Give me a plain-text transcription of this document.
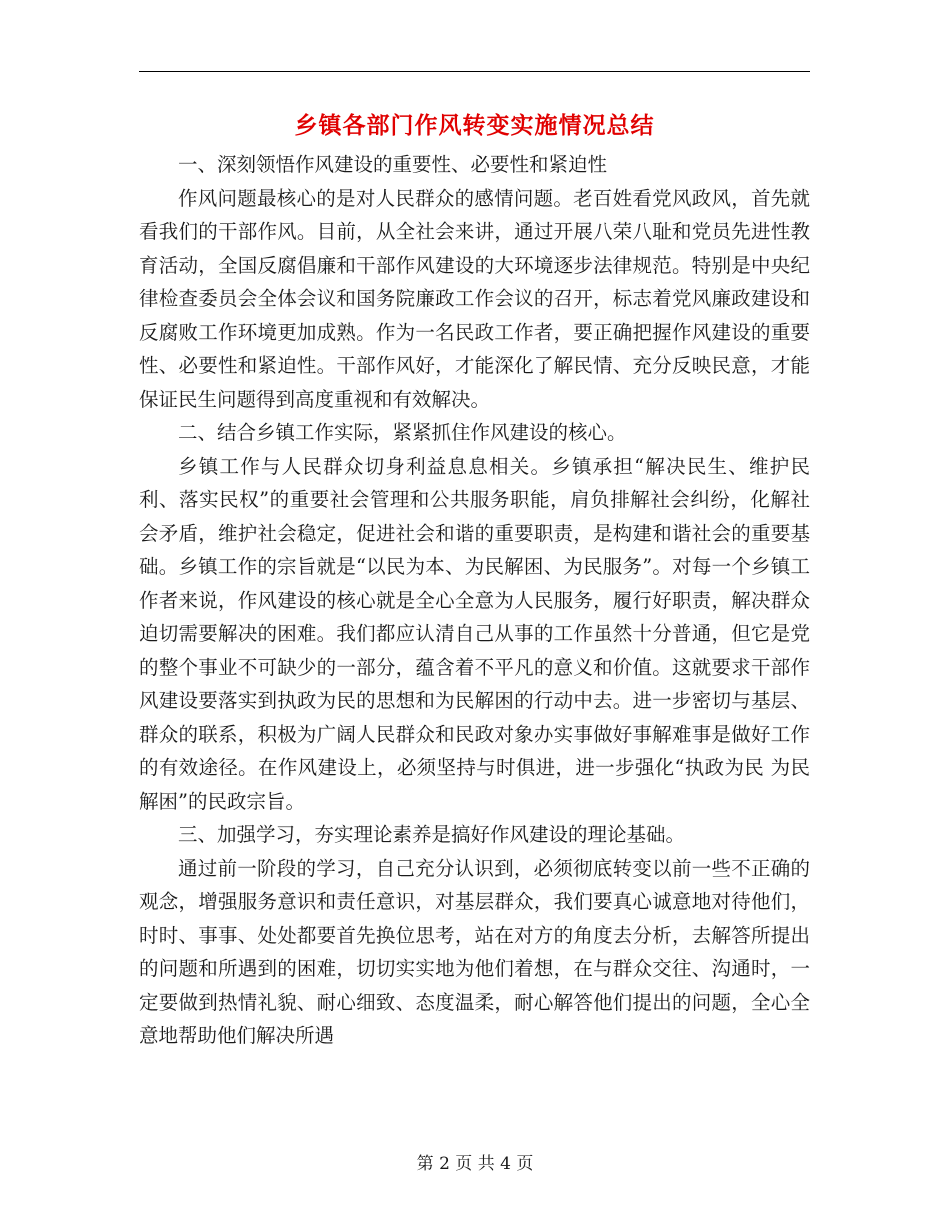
乡镇各部门作风转变实施情况总结

一、深刻领悟作风建设的重要性、必要性和紧迫性

作风问题最核心的是对人民群众的感情问题。老百姓看党风政风，首先就看我们的干部作风。目前，从全社会来讲，通过开展八荣八耻和党员先进性教育活动，全国反腐倡廉和干部作风建设的大环境逐步法律规范。特别是中央纪律检查委员会全体会议和国务院廉政工作会议的召开，标志着党风廉政建设和反腐败工作环境更加成熟。作为一名民政工作者，要正确把握作风建设的重要性、必要性和紧迫性。干部作风好，才能深化了解民情、充分反映民意，才能保证民生问题得到高度重视和有效解决。

二、结合乡镇工作实际，紧紧抓住作风建设的核心。

乡镇工作与人民群众切身利益息息相关。乡镇承担“解决民生、维护民利、落实民权”的重要社会管理和公共服务职能，肩负排解社会纠纷，化解社会矛盾，维护社会稳定，促进社会和谐的重要职责，是构建和谐社会的重要基础。乡镇工作的宗旨就是“以民为本、为民解困、为民服务”。对每一个乡镇工作者来说，作风建设的核心就是全心全意为人民服务，履行好职责，解决群众迫切需要解决的困难。我们都应认清自己从事的工作虽然十分普通，但它是党的整个事业不可缺少的一部分，蕴含着不平凡的意义和价值。这就要求干部作风建设要落实到执政为民的思想和为民解困的行动中去。进一步密切与基层、群众的联系，积极为广阔人民群众和民政对象办实事做好事解难事是做好工作的有效途径。在作风建设上，必须坚持与时俱进，进一步强化“执政为民 为民解困”的民政宗旨。

三、加强学习，夯实理论素养是搞好作风建设的理论基础。

通过前一阶段的学习，自己充分认识到，必须彻底转变以前一些不正确的观念，增强服务意识和责任意识，对基层群众，我们要真心诚意地对待他们，时时、事事、处处都要首先换位思考，站在对方的角度去分析，去解答所提出的问题和所遇到的困难，切切实实地为他们着想，在与群众交往、沟通时，一定要做到热情礼貌、耐心细致、态度温柔，耐心解答他们提出的问题，全心全意地帮助他们解决所遇

第 2 页 共 4 页
